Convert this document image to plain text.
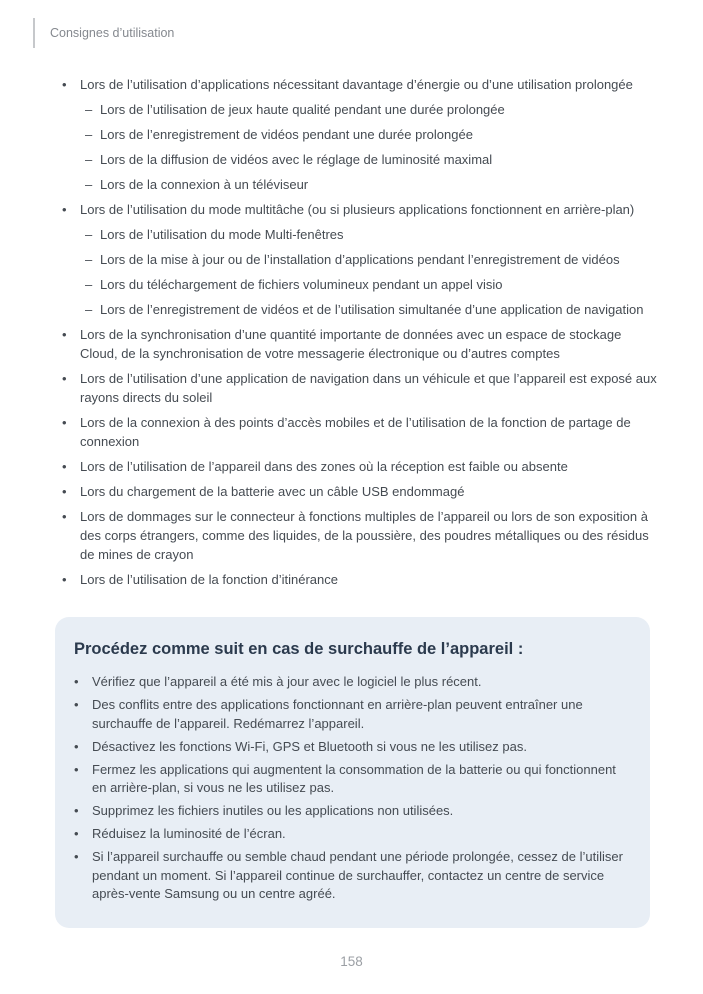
Consignes d’utilisation
•	Lors de l’utilisation d’applications nécessitant davantage d’énergie ou d’une utilisation prolongée
– Lors de l’utilisation de jeux haute qualité pendant une durée prolongée
– Lors de l’enregistrement de vidéos pendant une durée prolongée
– Lors de la diffusion de vidéos avec le réglage de luminosité maximal
– Lors de la connexion à un téléviseur
•	Lors de l’utilisation du mode multitâche (ou si plusieurs applications fonctionnent en arrière-plan)
– Lors de l’utilisation du mode Multi-fenêtres
– Lors de la mise à jour ou de l’installation d’applications pendant l’enregistrement de vidéos
– Lors du téléchargement de fichiers volumineux pendant un appel visio
– Lors de l’enregistrement de vidéos et de l’utilisation simultanée d’une application de navigation
•	Lors de la synchronisation d’une quantité importante de données avec un espace de stockage Cloud, de la synchronisation de votre messagerie électronique ou d’autres comptes
•	Lors de l’utilisation d’une application de navigation dans un véhicule et que l’appareil est exposé aux rayons directs du soleil
•	Lors de la connexion à des points d’accès mobiles et de l’utilisation de la fonction de partage de connexion
•	Lors de l’utilisation de l’appareil dans des zones où la réception est faible ou absente
•	Lors du chargement de la batterie avec un câble USB endommagé
•	Lors de dommages sur le connecteur à fonctions multiples de l’appareil ou lors de son exposition à des corps étrangers, comme des liquides, de la poussière, des poudres métalliques ou des résidus de mines de crayon
•	Lors de l’utilisation de la fonction d’itinérance
Procédez comme suit en cas de surchauffe de l’appareil :
•	Vérifiez que l’appareil a été mis à jour avec le logiciel le plus récent.
•	Des conflits entre des applications fonctionnant en arrière-plan peuvent entraîner une surchauffe de l’appareil. Redémarrez l’appareil.
•	Désactivez les fonctions Wi-Fi, GPS et Bluetooth si vous ne les utilisez pas.
•	Fermez les applications qui augmentent la consommation de la batterie ou qui fonctionnent en arrière-plan, si vous ne les utilisez pas.
•	Supprimez les fichiers inutiles ou les applications non utilisées.
•	Réduisez la luminosité de l’écran.
•	Si l’appareil surchauffe ou semble chaud pendant une période prolongée, cessez de l’utiliser pendant un moment. Si l’appareil continue de surchauffer, contactez un centre de service après-vente Samsung ou un centre agréé.
158
